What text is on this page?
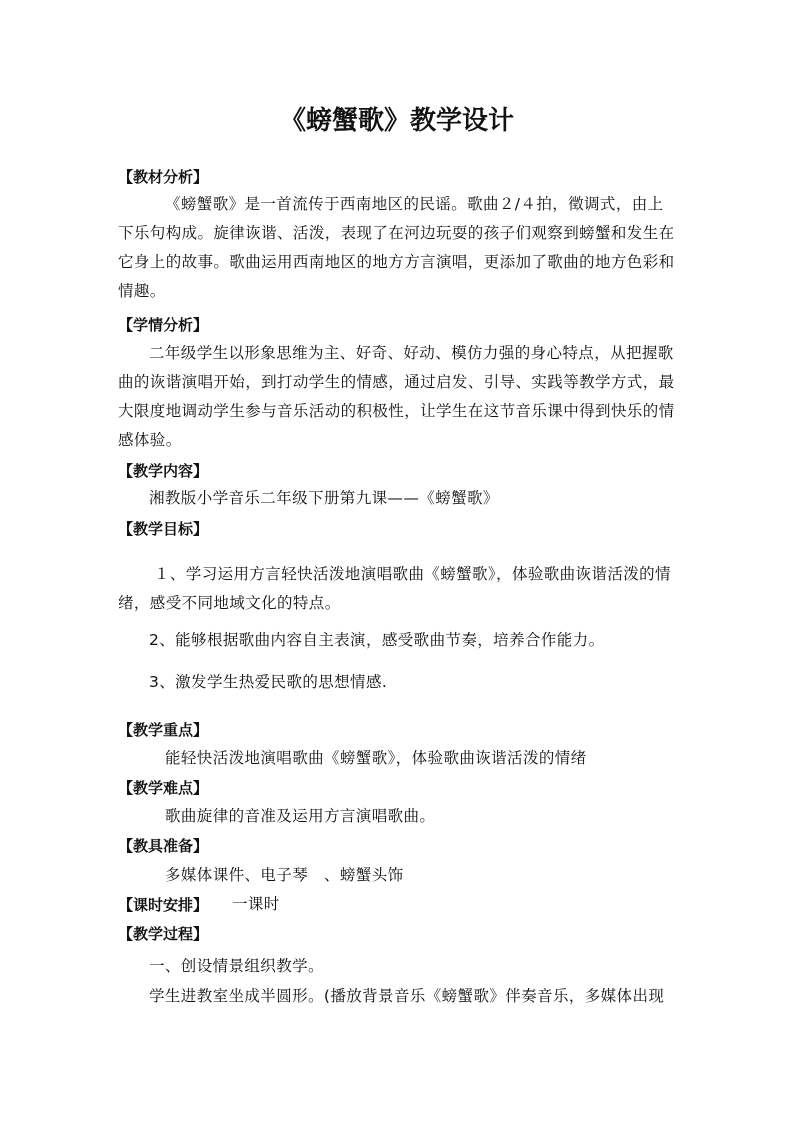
《螃蟹歌》教学设计
【教材分析】
《螃蟹歌》是一首流传于西南地区的民谣。歌曲２/４拍，徵调式，由上下乐句构成。旋律诙谐、活泼，表现了在河边玩耍的孩子们观察到螃蟹和发生在它身上的故事。歌曲运用西南地区的地方方言演唱，更添加了歌曲的地方色彩和情趣。
【学情分析】
二年级学生以形象思维为主、好奇、好动、模仿力强的身心特点，从把握歌曲的诙谐演唱开始，到打动学生的情感，通过启发、引导、实践等教学方式，最大限度地调动学生参与音乐活动的积极性，让学生在这节音乐课中得到快乐的情感体验。
【教学内容】
湘教版小学音乐二年级下册第九课——《螃蟹歌》
【教学目标】
１、学习运用方言轻快活泼地演唱歌曲《螃蟹歌》，体验歌曲诙谐活泼的情绪，感受不同地域文化的特点。
2、能够根据歌曲内容自主表演，感受歌曲节奏，培养合作能力。
3、激发学生热爱民歌的思想情感.
【教学重点】
能轻快活泼地演唱歌曲《螃蟹歌》，体验歌曲诙谐活泼的情绪
【教学难点】
歌曲旋律的音准及运用方言演唱歌曲。
【教具准备】
多媒体课件、电子琴　、螃蟹头饰
【课时安排】 一课时
【教学过程】
一、创设情景组织教学。
学生进教室坐成半圆形。(播放背景音乐《螃蟹歌》伴奏音乐，多媒体出现
